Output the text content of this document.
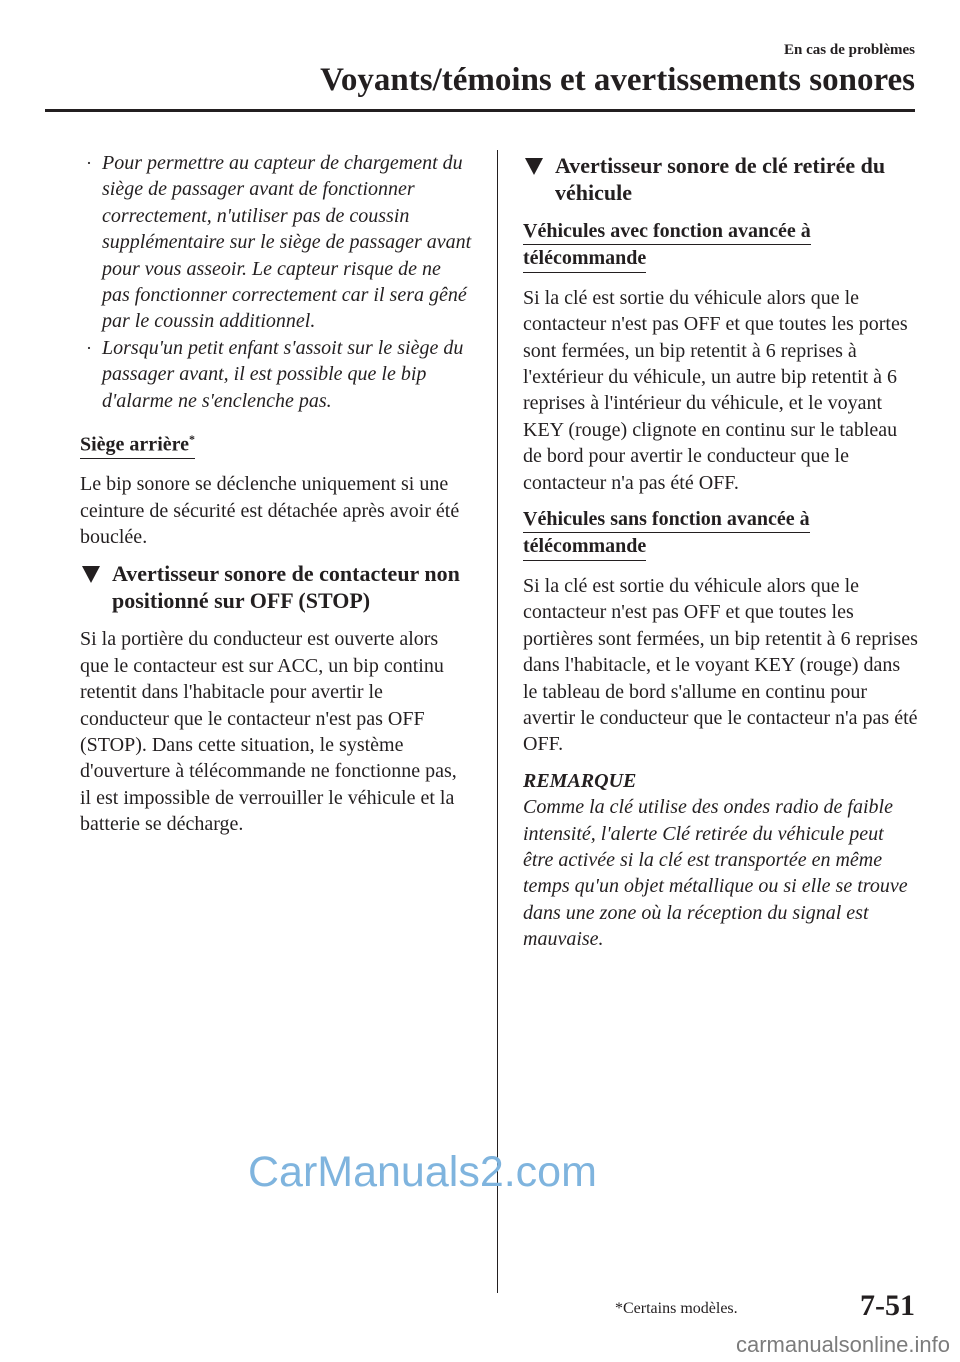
En cas de problèmes
Voyants/témoins et avertissements sonores
· Pour permettre au capteur de chargement du siège de passager avant de fonctionner correctement, n'utiliser pas de coussin supplémentaire sur le siège de passager avant pour vous asseoir. Le capteur risque de ne pas fonctionner correctement car il sera gêné par le coussin additionnel.
· Lorsqu'un petit enfant s'assoit sur le siège du passager avant, il est possible que le bip d'alarme ne s'enclenche pas.
Siège arrière*

Le bip sonore se déclenche uniquement si une ceinture de sécurité est détachée après avoir été bouclée.

Avertisseur sonore de contacteur non positionné sur OFF (STOP)

Si la portière du conducteur est ouverte alors que le contacteur est sur ACC, un bip continu retentit dans l'habitacle pour avertir le conducteur que le contacteur n'est pas OFF (STOP). Dans cette situation, le système d'ouverture à télécommande ne fonctionne pas, il est impossible de verrouiller le véhicule et la batterie se décharge.

Avertisseur sonore de clé retirée du véhicule
Véhicules avec fonction avancée à
télécommande

Si la clé est sortie du véhicule alors que le contacteur n'est pas OFF et que toutes les portes sont fermées, un bip retentit à 6 reprises à l'extérieur du véhicule, un autre bip retentit à 6 reprises à l'intérieur du véhicule, et le voyant KEY (rouge) clignote en continu sur le tableau de bord pour avertir le conducteur que le contacteur n'a pas été OFF.

Véhicules sans fonction avancée à
télécommande

Si la clé est sortie du véhicule alors que le contacteur n'est pas OFF et que toutes les portières sont fermées, un bip retentit à 6 reprises dans l'habitacle, et le voyant KEY (rouge) dans le tableau de bord s'allume en continu pour avertir le conducteur que le contacteur n'a pas été OFF.

REMARQUE

Comme la clé utilise des ondes radio de faible intensité, l'alerte Clé retirée du véhicule peut être activée si la clé est transportée en même temps qu'un objet métallique ou si elle se trouve dans une zone où la réception du signal est mauvaise.

CarManuals2.com
*Certains modèles.	7-51
carmanualsonline.info
